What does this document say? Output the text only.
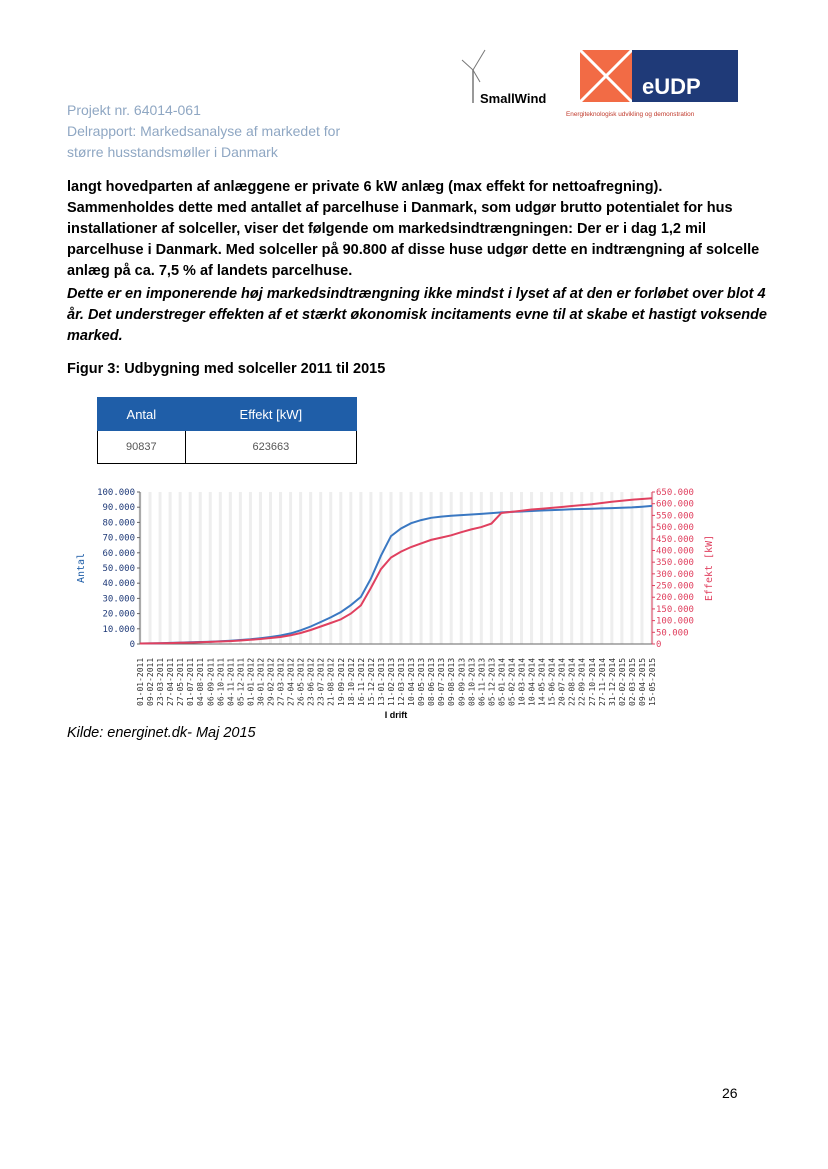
Projekt nr. 64014-061
Delrapport: Markedsanalyse af markedet for
større husstandsmøller i Danmark
SmallWind	eUDP
Energiteknologisk udvikling og demonstration
langt hovedparten af anlæggene er private 6 kW anlæg (max effekt for nettoafregning). Sammenholdes dette med antallet af parcelhuse i Danmark, som udgør brutto potentialet for hus installationer af solceller, viser det følgende om markedsindtrængningen: Der er i dag 1,2 mil parcelhuse i Danmark. Med solceller på 90.800 af disse huse udgør dette en indtrængning af solcelle anlæg på ca. 7,5 % af landets parcelhuse.
Dette er en imponerende høj markedsindtrængning ikke mindst i lyset af at den er forløbet over blot 4 år. Det understreger effekten af et stærkt økonomisk incitaments evne til at skabe et hastigt voksende marked.
Figur 3: Udbygning med solceller 2011 til 2015
Antal	Effekt [kW]
90837	623663
0
10.000
20.000
30.000
40.000
50.000
60.000
70.000
80.000
90.000
100.000
0
50.000
100.000
150.000
200.000
250.000
300.000
350.000
400.000
450.000
500.000
550.000
600.000
650.000
01-01-2011 09-02-2011 23-03-2011 27-04-2011 27-05-2011 01-07-2011 04-08-2011 06-09-2011 06-10-2011 04-11-2011 05-12-2011 01-01-2012 30-01-2012 29-02-2012 27-03-2012 27-04-2012 26-05-2012 23-06-2012 23-07-2012 21-08-2012 19-09-2012 18-10-2012 16-11-2012 15-12-2012 13-01-2013 11-02-2013 12-03-2013 10-04-2013 09-05-2013 08-06-2013 09-07-2013 09-08-2013 09-09-2013 08-10-2013 06-11-2013 05-12-2013 05-01-2014 05-02-2014 10-03-2014 10-04-2014 14-05-2014 15-06-2014 20-07-2014 22-08-2014 22-09-2014 27-10-2014 27-11-2014 31-12-2014 02-02-2015 02-03-2015 09-04-2015 15-05-2015
Antal	Effekt [kW]
I drift
Kilde: energinet.dk- Maj 2015
26
